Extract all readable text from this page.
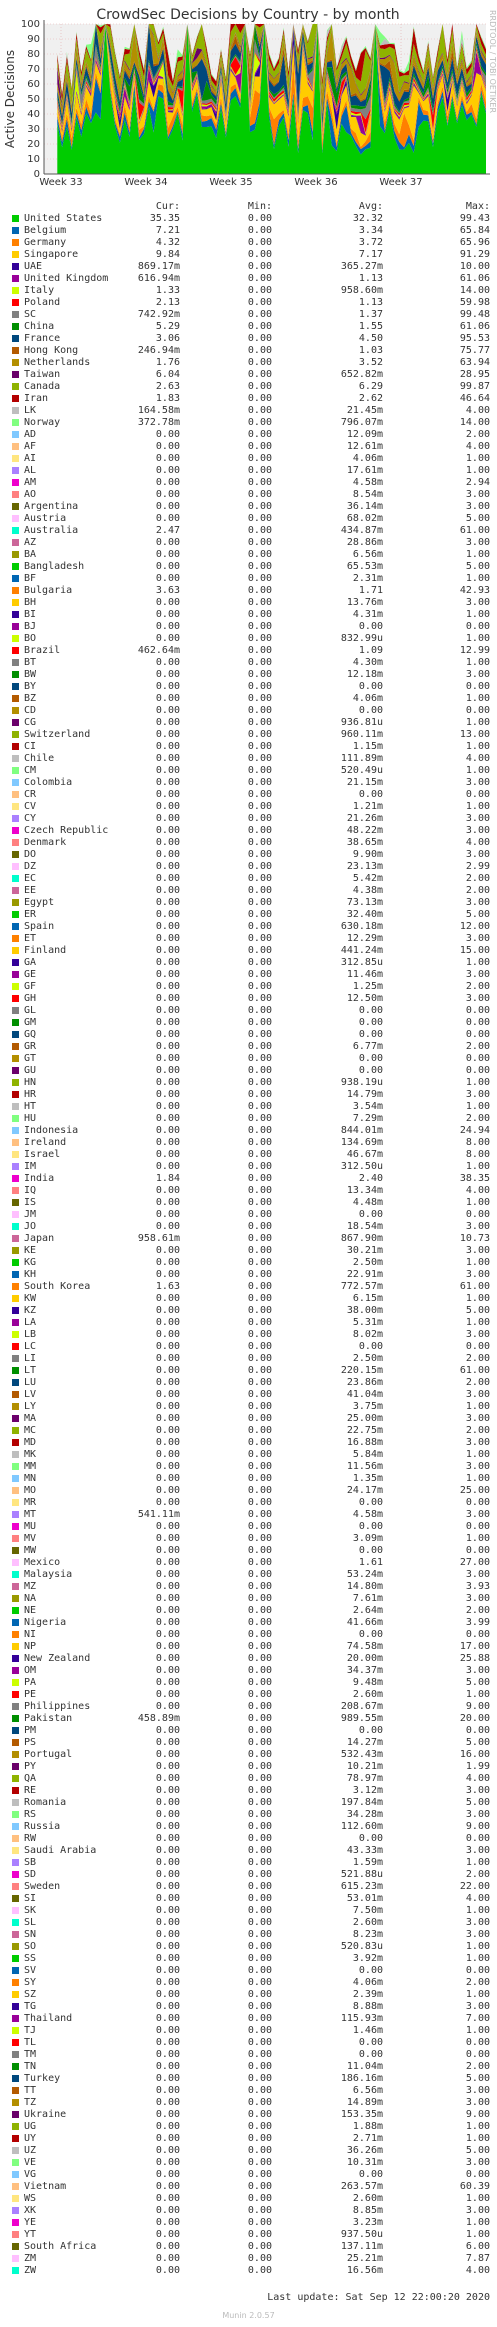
0
10
20
30
40
50
60
70
80
90
100
Week 33	Week 34	Week 35	Week 36	Week 37
CrowdSec Decisions by Country - by month
Active Decisions	RRDTOOL / TOBI OETIKER

Cur:

	Min:

	Avg:

	Max:

United States	35.35	0.00	32.32	99.43
Belgium	7.21	0.00	3.34	65.84
Germany	4.32	0.00	3.72	65.96
Singapore	9.84	0.00	7.17	91.29
UAE	869.17m	0.00	365.27m	10.00
United Kingdom	616.94m	0.00	1.13	61.06
Italy	1.33	0.00	958.60m	14.00
Poland	2.13	0.00	1.13	59.98
SC	742.92m	0.00	1.37	99.48
China	5.29	0.00	1.55	61.06
France	3.06	0.00	4.50	95.53
Hong Kong	246.94m	0.00	1.03	75.77
Netherlands	1.76	0.00	3.52	63.94
Taiwan	6.04	0.00	652.82m	28.95
Canada	2.63	0.00	6.29	99.87
Iran	1.83	0.00	2.62	46.64
LK	164.58m	0.00	21.45m	4.00
Norway	372.78m	0.00	796.07m	14.00
AD	0.00	0.00	12.09m	2.00
AF	0.00	0.00	12.61m	4.00
AI	0.00	0.00	4.06m	1.00
AL	0.00	0.00	17.61m	1.00
AM	0.00	0.00	4.58m	2.94
AO	0.00	0.00	8.54m	3.00
Argentina	0.00	0.00	36.14m	3.00
Austria	0.00	0.00	68.02m	5.00
Australia	2.47	0.00	434.87m	61.00
AZ	0.00	0.00	28.86m	3.00
BA	0.00	0.00	6.56m	1.00
Bangladesh	0.00	0.00	65.53m	5.00
BF	0.00	0.00	2.31m	1.00
Bulgaria	3.63	0.00	1.71	42.93
BH	0.00	0.00	13.76m	3.00
BI	0.00	0.00	4.31m	1.00
BJ	0.00	0.00	0.00	0.00
BO	0.00	0.00	832.99u	1.00
Brazil	462.64m	0.00	1.09	12.99
BT	0.00	0.00	4.30m	1.00
BW	0.00	0.00	12.18m	3.00
BY	0.00	0.00	0.00	0.00
BZ	0.00	0.00	4.06m	1.00
CD	0.00	0.00	0.00	0.00
CG	0.00	0.00	936.81u	1.00
Switzerland	0.00	0.00	960.11m	13.00
CI	0.00	0.00	1.15m	1.00
Chile	0.00	0.00	111.89m	4.00
CM	0.00	0.00	520.49u	1.00
Colombia	0.00	0.00	21.15m	3.00
CR	0.00	0.00	0.00	0.00
CV	0.00	0.00	1.21m	1.00
CY	0.00	0.00	21.26m	3.00
Czech Republic	0.00	0.00	48.22m	3.00
Denmark	0.00	0.00	38.65m	4.00
DO	0.00	0.00	9.90m	3.00
DZ	0.00	0.00	23.13m	2.99
EC	0.00	0.00	5.42m	2.00
EE	0.00	0.00	4.38m	2.00
Egypt	0.00	0.00	73.13m	3.00
ER	0.00	0.00	32.40m	5.00
Spain	0.00	0.00	630.18m	12.00
ET	0.00	0.00	12.29m	3.00
Finland	0.00	0.00	441.24m	15.00
GA	0.00	0.00	312.85u	1.00
GE	0.00	0.00	11.46m	3.00
GF	0.00	0.00	1.25m	2.00
GH	0.00	0.00	12.50m	3.00
GL	0.00	0.00	0.00	0.00
GM	0.00	0.00	0.00	0.00
GQ	0.00	0.00	0.00	0.00
GR	0.00	0.00	6.77m	2.00
GT	0.00	0.00	0.00	0.00
GU	0.00	0.00	0.00	0.00
HN	0.00	0.00	938.19u	1.00
HR	0.00	0.00	14.79m	3.00
HT	0.00	0.00	3.54m	1.00
HU	0.00	0.00	7.29m	2.00
Indonesia	0.00	0.00	844.01m	24.94
Ireland	0.00	0.00	134.69m	8.00
Israel	0.00	0.00	46.67m	8.00
IM	0.00	0.00	312.50u	1.00
India	1.84	0.00	2.40	38.35
IQ	0.00	0.00	13.34m	4.00
IS	0.00	0.00	4.48m	1.00
JM	0.00	0.00	0.00	0.00
JO	0.00	0.00	18.54m	3.00
Japan	958.61m	0.00	867.90m	10.73
KE	0.00	0.00	30.21m	3.00
KG	0.00	0.00	2.50m	1.00
KH	0.00	0.00	22.91m	3.00
South Korea	1.63	0.00	772.57m	61.00
KW	0.00	0.00	6.15m	1.00
KZ	0.00	0.00	38.00m	5.00
LA	0.00	0.00	5.31m	1.00
LB	0.00	0.00	8.02m	3.00
LC	0.00	0.00	0.00	0.00
LI	0.00	0.00	2.50m	2.00
LT	0.00	0.00	220.15m	61.00
LU	0.00	0.00	23.86m	2.00
LV	0.00	0.00	41.04m	3.00
LY	0.00	0.00	3.75m	1.00
MA	0.00	0.00	25.00m	3.00
MC	0.00	0.00	22.75m	2.00
MD	0.00	0.00	16.88m	3.00
MK	0.00	0.00	5.84m	1.00
MM	0.00	0.00	11.56m	3.00
MN	0.00	0.00	1.35m	1.00
MO	0.00	0.00	24.17m	25.00
MR	0.00	0.00	0.00	0.00
MT	541.11m	0.00	4.58m	3.00
MU	0.00	0.00	0.00	0.00
MV	0.00	0.00	3.09m	1.00
MW	0.00	0.00	0.00	0.00
Mexico	0.00	0.00	1.61	27.00
Malaysia	0.00	0.00	53.24m	3.00
MZ	0.00	0.00	14.80m	3.93
NA	0.00	0.00	7.61m	3.00
NE	0.00	0.00	2.64m	2.00
Nigeria	0.00	0.00	41.66m	3.99
NI	0.00	0.00	0.00	0.00
NP	0.00	0.00	74.58m	17.00
New Zealand	0.00	0.00	20.00m	25.88
OM	0.00	0.00	34.37m	3.00
PA	0.00	0.00	9.48m	5.00
PE	0.00	0.00	2.60m	1.00
Philippines	0.00	0.00	208.67m	9.00
Pakistan	458.89m	0.00	989.55m	20.00
PM	0.00	0.00	0.00	0.00
PS	0.00	0.00	14.27m	5.00
Portugal	0.00	0.00	532.43m	16.00
PY	0.00	0.00	10.21m	1.99
QA	0.00	0.00	78.97m	4.00
RE	0.00	0.00	3.12m	3.00
Romania	0.00	0.00	197.84m	5.00
RS	0.00	0.00	34.28m	3.00
Russia	0.00	0.00	112.60m	9.00
RW	0.00	0.00	0.00	0.00
Saudi Arabia	0.00	0.00	43.33m	3.00
SB	0.00	0.00	1.59m	1.00
SD	0.00	0.00	521.88u	2.00
Sweden	0.00	0.00	615.23m	22.00
SI	0.00	0.00	53.01m	4.00
SK	0.00	0.00	7.50m	1.00
SL	0.00	0.00	2.60m	3.00
SN	0.00	0.00	8.23m	3.00
SO	0.00	0.00	520.83u	1.00
SS	0.00	0.00	3.92m	1.00
SV	0.00	0.00	0.00	0.00
SY	0.00	0.00	4.06m	2.00
SZ	0.00	0.00	2.39m	1.00
TG	0.00	0.00	8.88m	3.00
Thailand	0.00	0.00	115.93m	7.00
TJ	0.00	0.00	1.46m	1.00
TL	0.00	0.00	0.00	0.00
TM	0.00	0.00	0.00	0.00
TN	0.00	0.00	11.04m	2.00
Turkey	0.00	0.00	186.16m	5.00
TT	0.00	0.00	6.56m	3.00
TZ	0.00	0.00	14.89m	3.00
Ukraine	0.00	0.00	153.35m	9.00
UG	0.00	0.00	1.88m	1.00
UY	0.00	0.00	2.71m	1.00
UZ	0.00	0.00	36.26m	5.00
VE	0.00	0.00	10.31m	3.00
VG	0.00	0.00	0.00	0.00
Vietnam	0.00	0.00	263.57m	60.39
WS	0.00	0.00	2.60m	1.00
XK	0.00	0.00	8.85m	3.00
YE	0.00	0.00	3.23m	1.00
YT	0.00	0.00	937.50u	1.00
South Africa	0.00	0.00	137.11m	6.00
ZM	0.00	0.00	25.21m	7.87
ZW	0.00	0.00	16.56m	4.00
Last update: Sat Sep 12 22:00:20 2020
Munin 2.0.57
